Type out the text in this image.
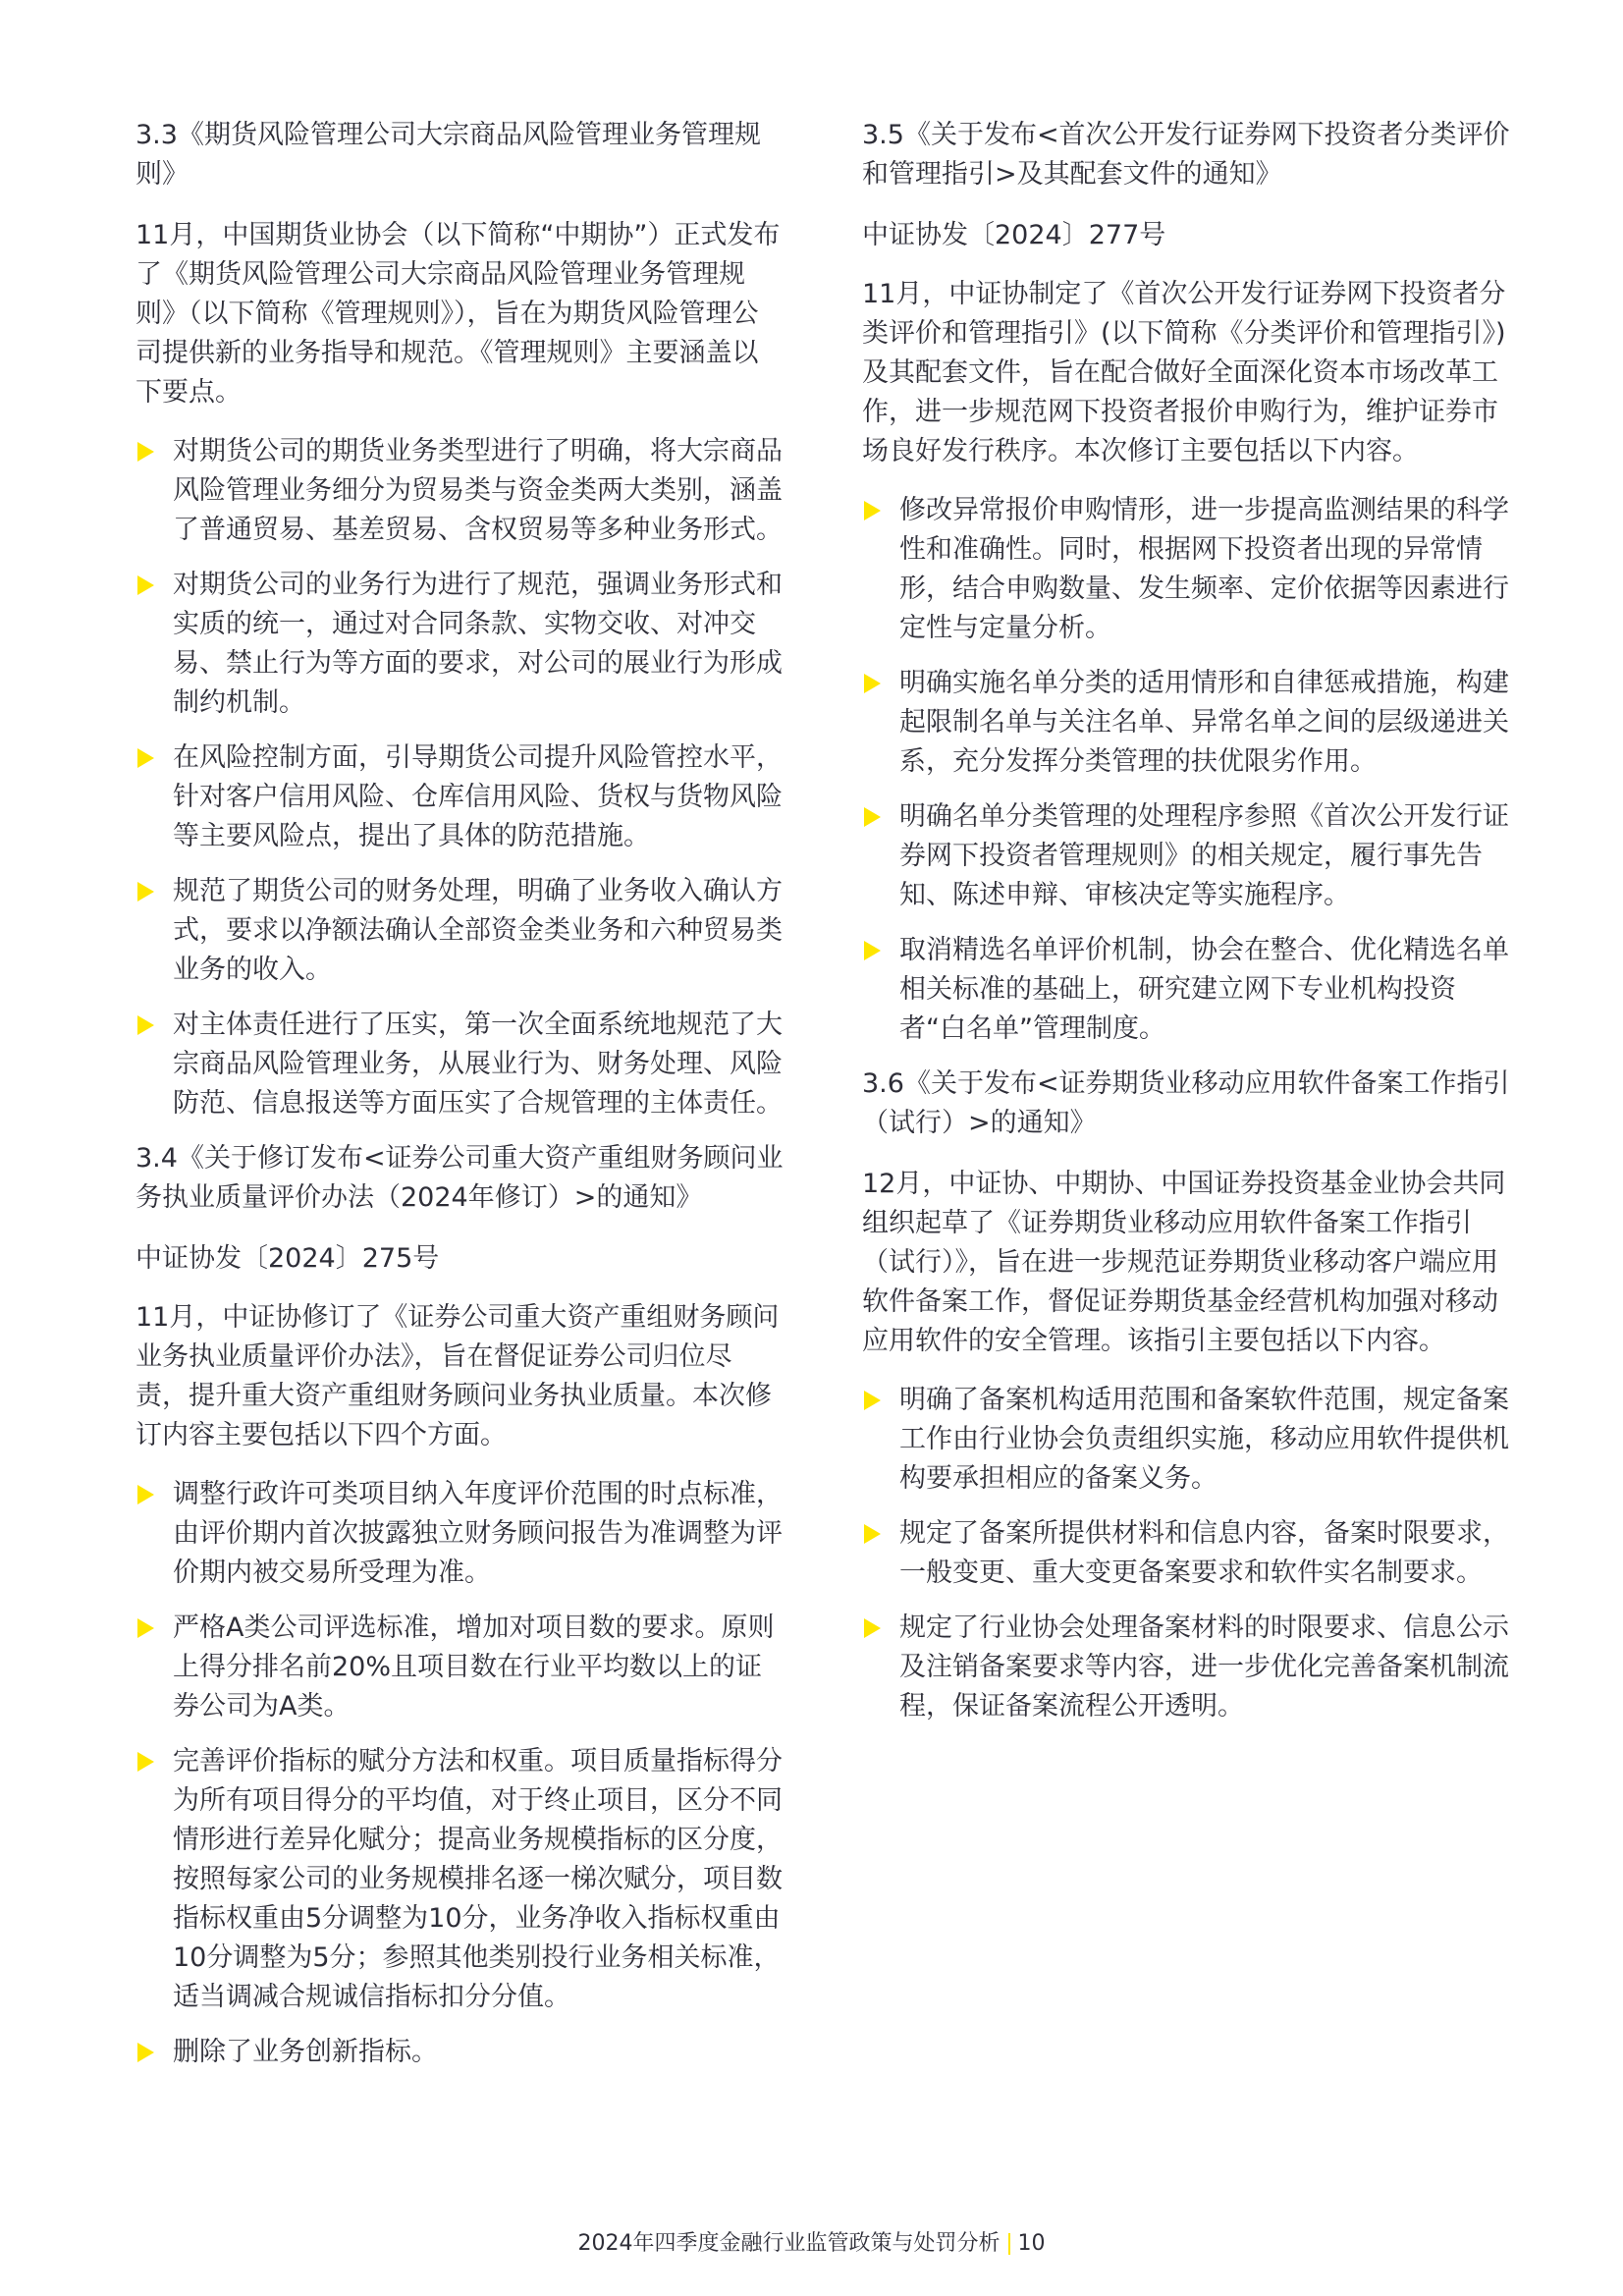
3.3《期货风险管理公司大宗商品风险管理业务管理规则》

11月，中国期货业协会（以下简称“中期协”）正式发布了《期货风险管理公司大宗商品风险管理业务管理规则》（以下简称《管理规则》），旨在为期货风险管理公司提供新的业务指导和规范。《管理规则》主要涵盖以下要点。

对期货公司的期货业务类型进行了明确，将大宗商品风险管理业务细分为贸易类与资金类两大类别，涵盖了普通贸易、基差贸易、含权贸易等多种业务形式。
对期货公司的业务行为进行了规范，强调业务形式和实质的统一，通过对合同条款、实物交收、对冲交易、禁止行为等方面的要求，对公司的展业行为形成制约机制。
在风险控制方面，引导期货公司提升风险管控水平，针对客户信用风险、仓库信用风险、货权与货物风险等主要风险点，提出了具体的防范措施。
规范了期货公司的财务处理，明确了业务收入确认方式，要求以净额法确认全部资金类业务和六种贸易类业务的收入。
对主体责任进行了压实，第一次全面系统地规范了大宗商品风险管理业务，从展业行为、财务处理、风险防范、信息报送等方面压实了合规管理的主体责任。
3.4《关于修订发布<证券公司重大资产重组财务顾问业务执业质量评价办法（2024年修订）>的通知》

中证协发〔2024〕275号

11月，中证协修订了《证券公司重大资产重组财务顾问业务执业质量评价办法》，旨在督促证券公司归位尽责，提升重大资产重组财务顾问业务执业质量。本次修订内容主要包括以下四个方面。

调整行政许可类项目纳入年度评价范围的时点标准，由评价期内首次披露独立财务顾问报告为准调整为评价期内被交易所受理为准。
严格A类公司评选标准，增加对项目数的要求。原则上得分排名前20%且项目数在行业平均数以上的证券公司为A类。
完善评价指标的赋分方法和权重。项目质量指标得分为所有项目得分的平均值，对于终止项目，区分不同情形进行差异化赋分；提高业务规模指标的区分度，按照每家公司的业务规模排名逐一梯次赋分，项目数指标权重由5分调整为10分，业务净收入指标权重由10分调整为5分；参照其他类别投行业务相关标准，适当调减合规诚信指标扣分分值。
删除了业务创新指标。
3.5《关于发布<首次公开发行证券网下投资者分类评价和管理指引>及其配套文件的通知》

中证协发〔2024〕277号

11月，中证协制定了《首次公开发行证券网下投资者分类评价和管理指引》(以下简称《分类评价和管理指引》)及其配套文件，旨在配合做好全面深化资本市场改革工作，进一步规范网下投资者报价申购行为，维护证券市场良好发行秩序。本次修订主要包括以下内容。

修改异常报价申购情形，进一步提高监测结果的科学性和准确性。同时，根据网下投资者出现的异常情形，结合申购数量、发生频率、定价依据等因素进行定性与定量分析。
明确实施名单分类的适用情形和自律惩戒措施，构建起限制名单与关注名单、异常名单之间的层级递进关系，充分发挥分类管理的扶优限劣作用。
明确名单分类管理的处理程序参照《首次公开发行证券网下投资者管理规则》的相关规定，履行事先告知、陈述申辩、审核决定等实施程序。
取消精选名单评价机制，协会在整合、优化精选名单相关标准的基础上，研究建立网下专业机构投资者“白名单”管理制度。
3.6《关于发布<证券期货业移动应用软件备案工作指引（试行）>的通知》

12月，中证协、中期协、中国证券投资基金业协会共同组织起草了《证券期货业移动应用软件备案工作指引（试行）》，旨在进一步规范证券期货业移动客户端应用软件备案工作，督促证券期货基金经营机构加强对移动应用软件的安全管理。该指引主要包括以下内容。

明确了备案机构适用范围和备案软件范围，规定备案工作由行业协会负责组织实施，移动应用软件提供机构要承担相应的备案义务。
规定了备案所提供材料和信息内容，备案时限要求，一般变更、重大变更备案要求和软件实名制要求。
规定了行业协会处理备案材料的时限要求、信息公示及注销备案要求等内容，进一步优化完善备案机制流程，保证备案流程公开透明。
2024年四季度金融行业监管政策与处罚分析 10
